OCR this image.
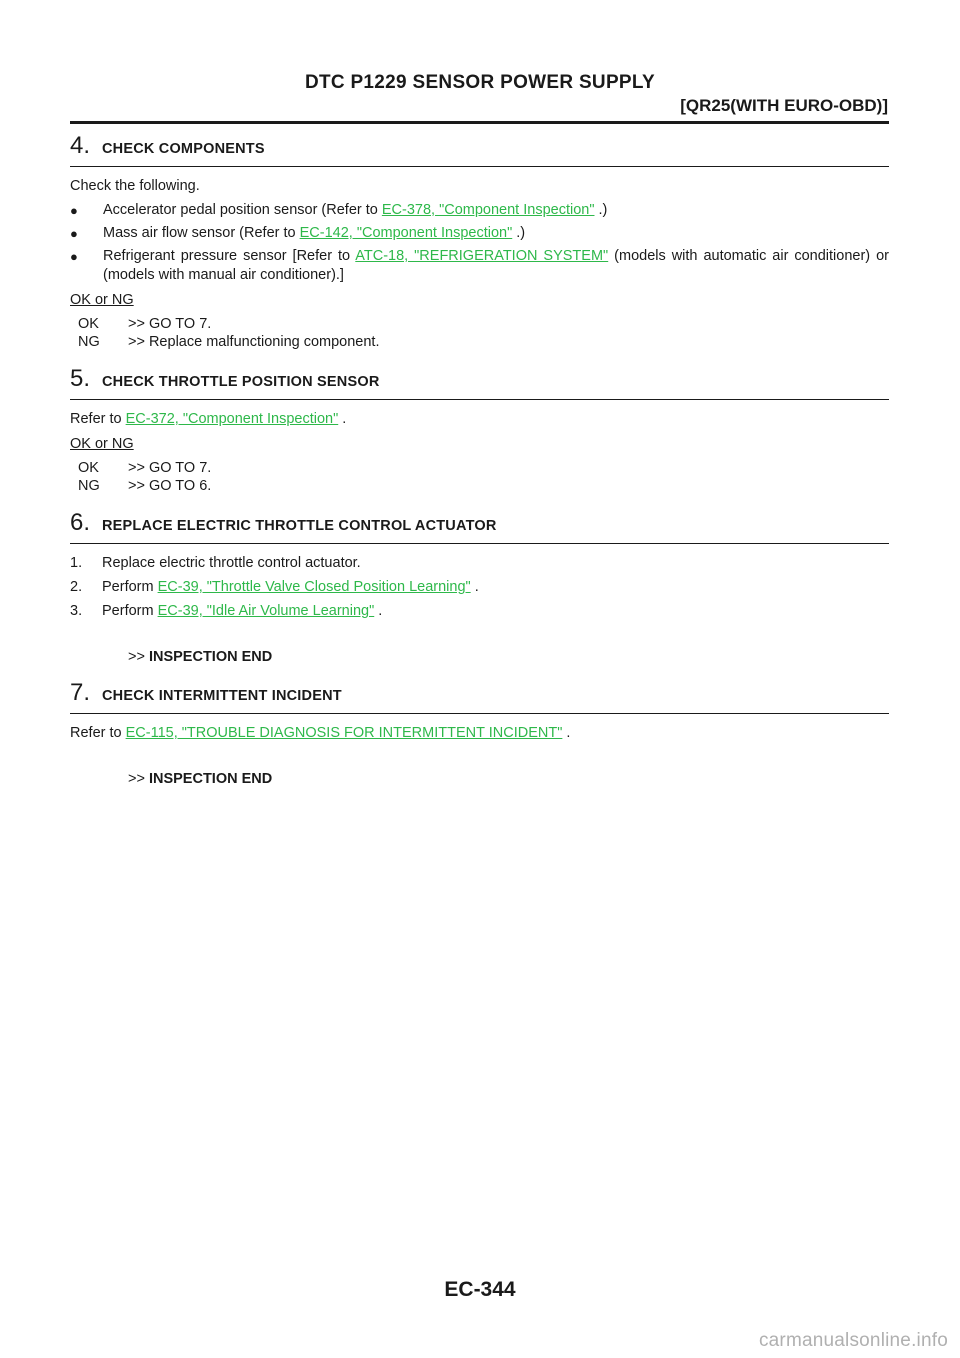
DTC P1229 SENSOR POWER SUPPLY
[QR25(WITH EURO-OBD)]
4. CHECK COMPONENTS

Check the following.

●	Accelerator pedal position sensor (Refer to EC-378, "Component Inspection" .)
●	Mass air flow sensor (Refer to EC-142, "Component Inspection" .)
●	Refrigerant pressure sensor [Refer to ATC-18, "REFRIGERATION SYSTEM" (models with automatic air conditioner) or (models with manual air conditioner).]
OK or NG
OK	>> GO TO 7.
NG	>> Replace malfunctioning component.
5. CHECK THROTTLE POSITION SENSOR

Refer to EC-372, "Component Inspection" .

OK or NG
OK	>> GO TO 7.
NG	>> GO TO 6.
6. REPLACE ELECTRIC THROTTLE CONTROL ACTUATOR
1.	Replace electric throttle control actuator.
2.	Perform EC-39, "Throttle Valve Closed Position Learning" .
3.	Perform EC-39, "Idle Air Volume Learning" .
>> INSPECTION END
7. CHECK INTERMITTENT INCIDENT

Refer to EC-115, "TROUBLE DIAGNOSIS FOR INTERMITTENT INCIDENT" .

>> INSPECTION END
EC-344
carmanualsonline.info
